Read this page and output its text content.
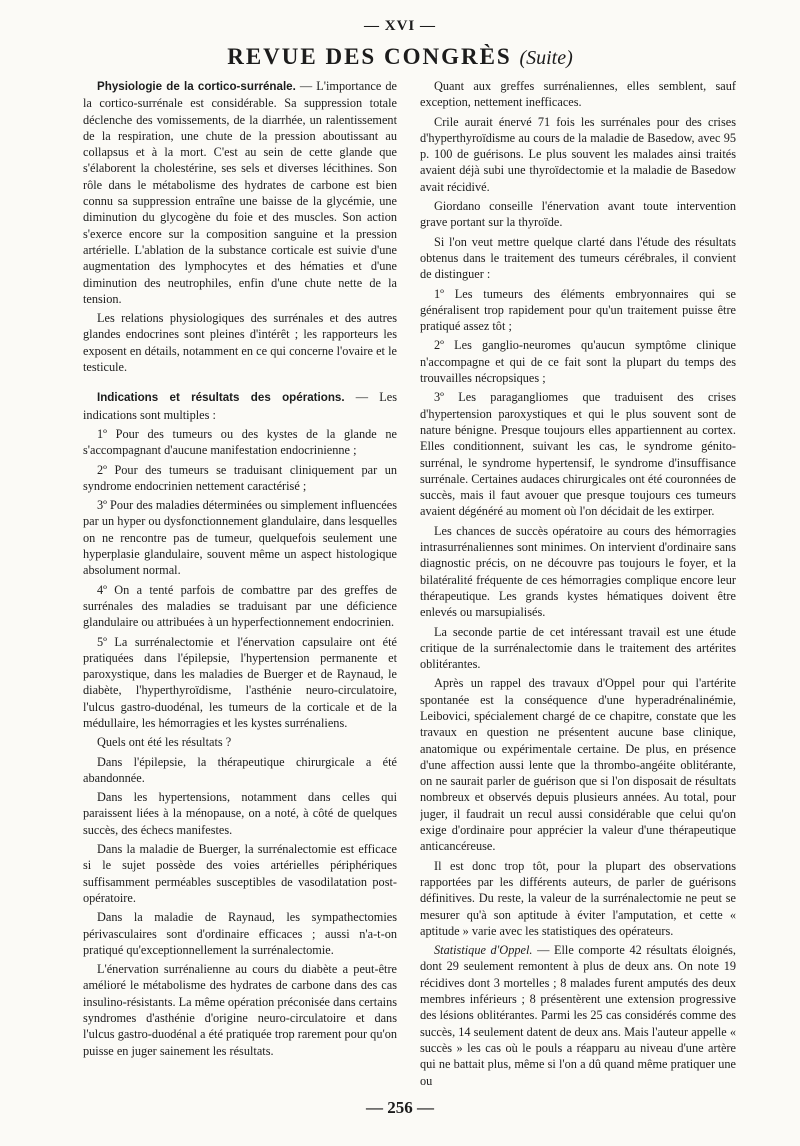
— XVI —
REVUE DES CONGRÈS (Suite)

Physiologie de la cortico-surrénale. — L'importance de la cortico-surrénale est considérable. Sa suppression totale déclenche des vomissements, de la diarrhée, un ralentissement de la respiration, une chute de la pression aboutissant au collapsus et à la mort. C'est au sein de cette glande que s'élaborent la cholestérine, ses sels et diverses lécithines. Son rôle dans le métabolisme des hydrates de carbone est bien connu sa suppression entraîne une baisse de la glycémie, une diminution du glycogène du foie et des muscles. Son action s'exerce encore sur la composition sanguine et la pression artérielle. L'ablation de la substance corticale est suivie d'une augmentation des lymphocytes et des hématies et d'une diminution des neutrophiles, enfin d'une chute nette de la tension.

Les relations physiologiques des surrénales et des autres glandes endocrines sont pleines d'intérêt ; les rapporteurs les exposent en détails, notamment en ce qui concerne l'ovaire et le testicule.

Indications et résultats des opérations. — Les indications sont multiples :

1º Pour des tumeurs ou des kystes de la glande ne s'accompagnant d'aucune manifestation endocrinienne ;

2º Pour des tumeurs se traduisant cliniquement par un syndrome endocrinien nettement caractérisé ;

3º Pour des maladies déterminées ou simplement influencées par un hyper ou dysfonctionnement glandulaire, dans lesquelles on ne rencontre pas de tumeur, quelquefois seulement une hyperplasie glandulaire, souvent même un aspect histologique absolument normal.

4º On a tenté parfois de combattre par des greffes de surrénales des maladies se traduisant par une déficience glandulaire ou attribuées à un hyperfectionnement endocrinien.

5º La surrénalectomie et l'énervation capsulaire ont été pratiquées dans l'épilepsie, l'hypertension permanente et paroxystique, dans les maladies de Buerger et de Raynaud, le diabète, l'hyperthyroïdisme, l'asthénie neuro-circulatoire, l'ulcus gastro-duodénal, les tumeurs de la corticale et de la médullaire, les hémorragies et les kystes surrénaliens.

Quels ont été les résultats ?

Dans l'épilepsie, la thérapeutique chirurgicale a été abandonnée.

Dans les hypertensions, notamment dans celles qui paraissent liées à la ménopause, on a noté, à côté de quelques succès, des échecs manifestes.

Dans la maladie de Buerger, la surrénalectomie est efficace si le sujet possède des voies artérielles périphériques suffisamment perméables susceptibles de vasodilatation post-opératoire.

Dans la maladie de Raynaud, les sympathectomies périvasculaires sont d'ordinaire efficaces ; aussi n'a-t-on pratiqué qu'exceptionnellement la surrénalectomie.

L'énervation surrénalienne au cours du diabète a peut-être amélioré le métabolisme des hydrates de carbone dans des cas insulino-résistants. La même opération préconisée dans certains syndromes d'asthénie d'origine neuro-circulatoire et dans l'ulcus gastro-duodénal a été pratiquée trop rarement pour qu'on puisse en juger sainement les résultats.

Quant aux greffes surrénaliennes, elles semblent, sauf exception, nettement inefficaces.

Crile aurait énervé 71 fois les surrénales pour des crises d'hyperthyroïdisme au cours de la maladie de Basedow, avec 95 p. 100 de guérisons. Le plus souvent les malades ainsi traités avaient déjà subi une thyroïdectomie et la maladie de Basedow avait récidivé.

Giordano conseille l'énervation avant toute intervention grave portant sur la thyroïde.

Si l'on veut mettre quelque clarté dans l'étude des résultats obtenus dans le traitement des tumeurs cérébrales, il convient de distinguer :

1º Les tumeurs des éléments embryonnaires qui se généralisent trop rapidement pour qu'un traitement puisse être pratiqué assez tôt ;

2º Les ganglio-neuromes qu'aucun symptôme clinique n'accompagne et qui de ce fait sont la plupart du temps des trouvailles nécropsiques ;

3º Les paragangliomes que traduisent des crises d'hypertension paroxystiques et qui le plus souvent sont de nature bénigne. Presque toujours elles appartiennent au cortex. Elles conditionnent, suivant les cas, le syndrome génito-surrénal, le syndrome hypertensif, le syndrome d'insuffisance surrénale. Certaines audaces chirurgicales ont été couronnées de succès, mais il faut avouer que presque toujours ces tumeurs avaient dégénéré au moment où l'on décidait de les extirper.

Les chances de succès opératoire au cours des hémorragies intrasurrénaliennes sont minimes. On intervient d'ordinaire sans diagnostic précis, on ne découvre pas toujours le foyer, et la bilatéralité fréquente de ces hémorragies complique encore leur thérapeutique. Les grands kystes hématiques doivent être enlevés ou marsupialisés.

La seconde partie de cet intéressant travail est une étude critique de la surrénalectomie dans le traitement des artérites oblitérantes.

Après un rappel des travaux d'Oppel pour qui l'artérite spontanée est la conséquence d'une hyperadrénalinémie, Leibovici, spécialement chargé de ce chapitre, constate que les travaux en question ne présentent aucune base clinique, anatomique ou expérimentale certaine. De plus, en présence d'une affection aussi lente que la thrombo-angéite oblitérante, on ne saurait parler de guérison que si l'on disposait de résultats nombreux et observés depuis plusieurs années. Au total, pour juger, il faudrait un recul aussi considérable que celui qu'on exige d'ordinaire pour apprécier la valeur d'une thérapeutique anticancéreuse.

Il est donc trop tôt, pour la plupart des observations rapportées par les différents auteurs, de parler de guérisons définitives. Du reste, la valeur de la surrénalectomie ne peut se mesurer qu'à son aptitude à éviter l'amputation, et cette « aptitude » varie avec les statistiques des opérateurs.

Statistique d'Oppel. — Elle comporte 42 résultats éloignés, dont 29 seulement remontent à plus de deux ans. On note 19 récidives dont 3 mortelles ; 8 malades furent amputés des deux membres inférieurs ; 8 présentèrent une extension progressive des lésions oblitérantes. Parmi les 25 cas considérés comme des succès, 14 seulement datent de deux ans. Mais l'auteur appelle « succès » les cas où le pouls a réapparu au niveau d'une artère qui ne battait plus, même si l'on a dû quand même pratiquer une ou

— 256 —
